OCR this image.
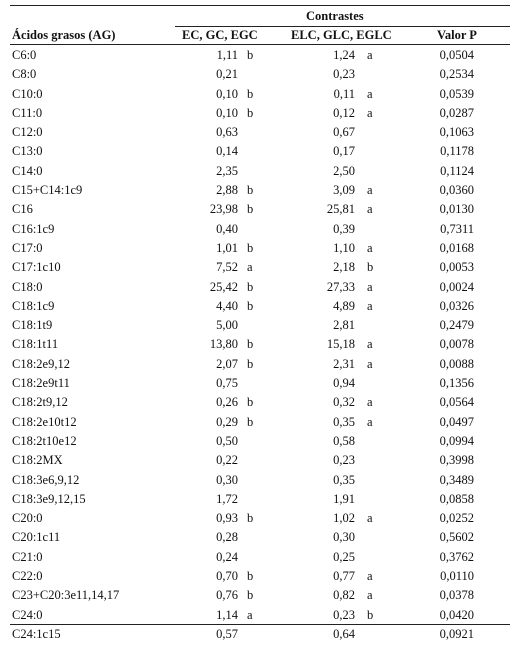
Contrastes
Ácidos grasos (AG)	EC, GC, EGC	ELC, GLC, EGLC	Valor P
C6:0	1,11 b	1,24 a	0,0504
C8:0	0,21	0,23	0,2534
C10:0	0,10 b	0,11 a	0,0539
C11:0	0,10 b	0,12 a	0,0287
C12:0	0,63	0,67	0,1063
C13:0	0,14	0,17	0,1178
C14:0	2,35	2,50	0,1124
C15+C14:1c9	2,88 b	3,09 a	0,0360
C16	23,98 b	25,81 a	0,0130
C16:1c9	0,40	0,39	0,7311
C17:0	1,01 b	1,10 a	0,0168
C17:1c10	7,52 a	2,18 b	0,0053
C18:0	25,42 b	27,33 a	0,0024
C18:1c9	4,40 b	4,89 a	0,0326
C18:1t9	5,00	2,81	0,2479
C18:1t11	13,80 b	15,18 a	0,0078
C18:2e9,12	2,07 b	2,31 a	0,0088
C18:2e9t11	0,75	0,94	0,1356
C18:2t9,12	0,26 b	0,32 a	0,0564
C18:2e10t12	0,29 b	0,35 a	0,0497
C18:2t10e12	0,50	0,58	0,0994
C18:2MX	0,22	0,23	0,3998
C18:3e6,9,12	0,30	0,35	0,3489
C18:3e9,12,15	1,72	1,91	0,0858
C20:0	0,93 b	1,02 a	0,0252
C20:1c11	0,28	0,30	0,5602
C21:0	0,24	0,25	0,3762
C22:0	0,70 b	0,77 a	0,0110
C23+C20:3e11,14,17	0,76 b	0,82 a	0,0378
C24:0	1,14 a	0,23 b	0,0420
C24:1c15	0,57	0,64	0,0921
